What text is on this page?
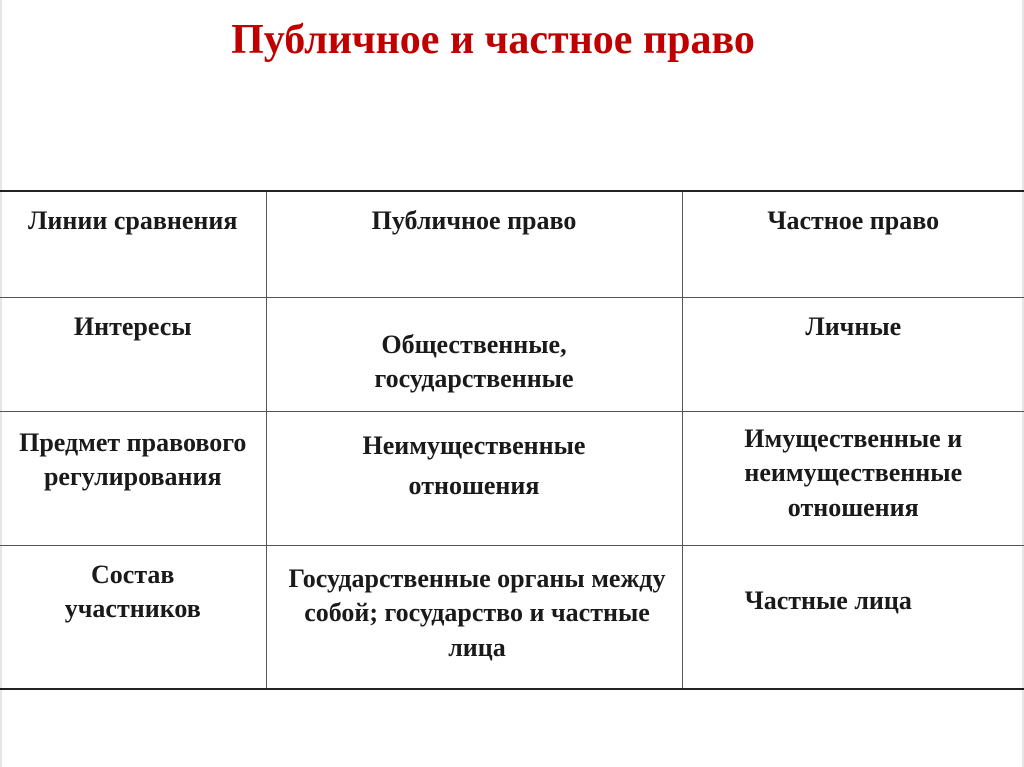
Публичное и частное право
Линии сравнения	Публичное право	Частное право

Интересы	Общественные, государственные	Личные

Предмет правового регулирования	Неимущественные отношения	Имущественные и неимущественные отношения

Состав участников	Государственные органы между собой; государство и частные лица	Частные лица
